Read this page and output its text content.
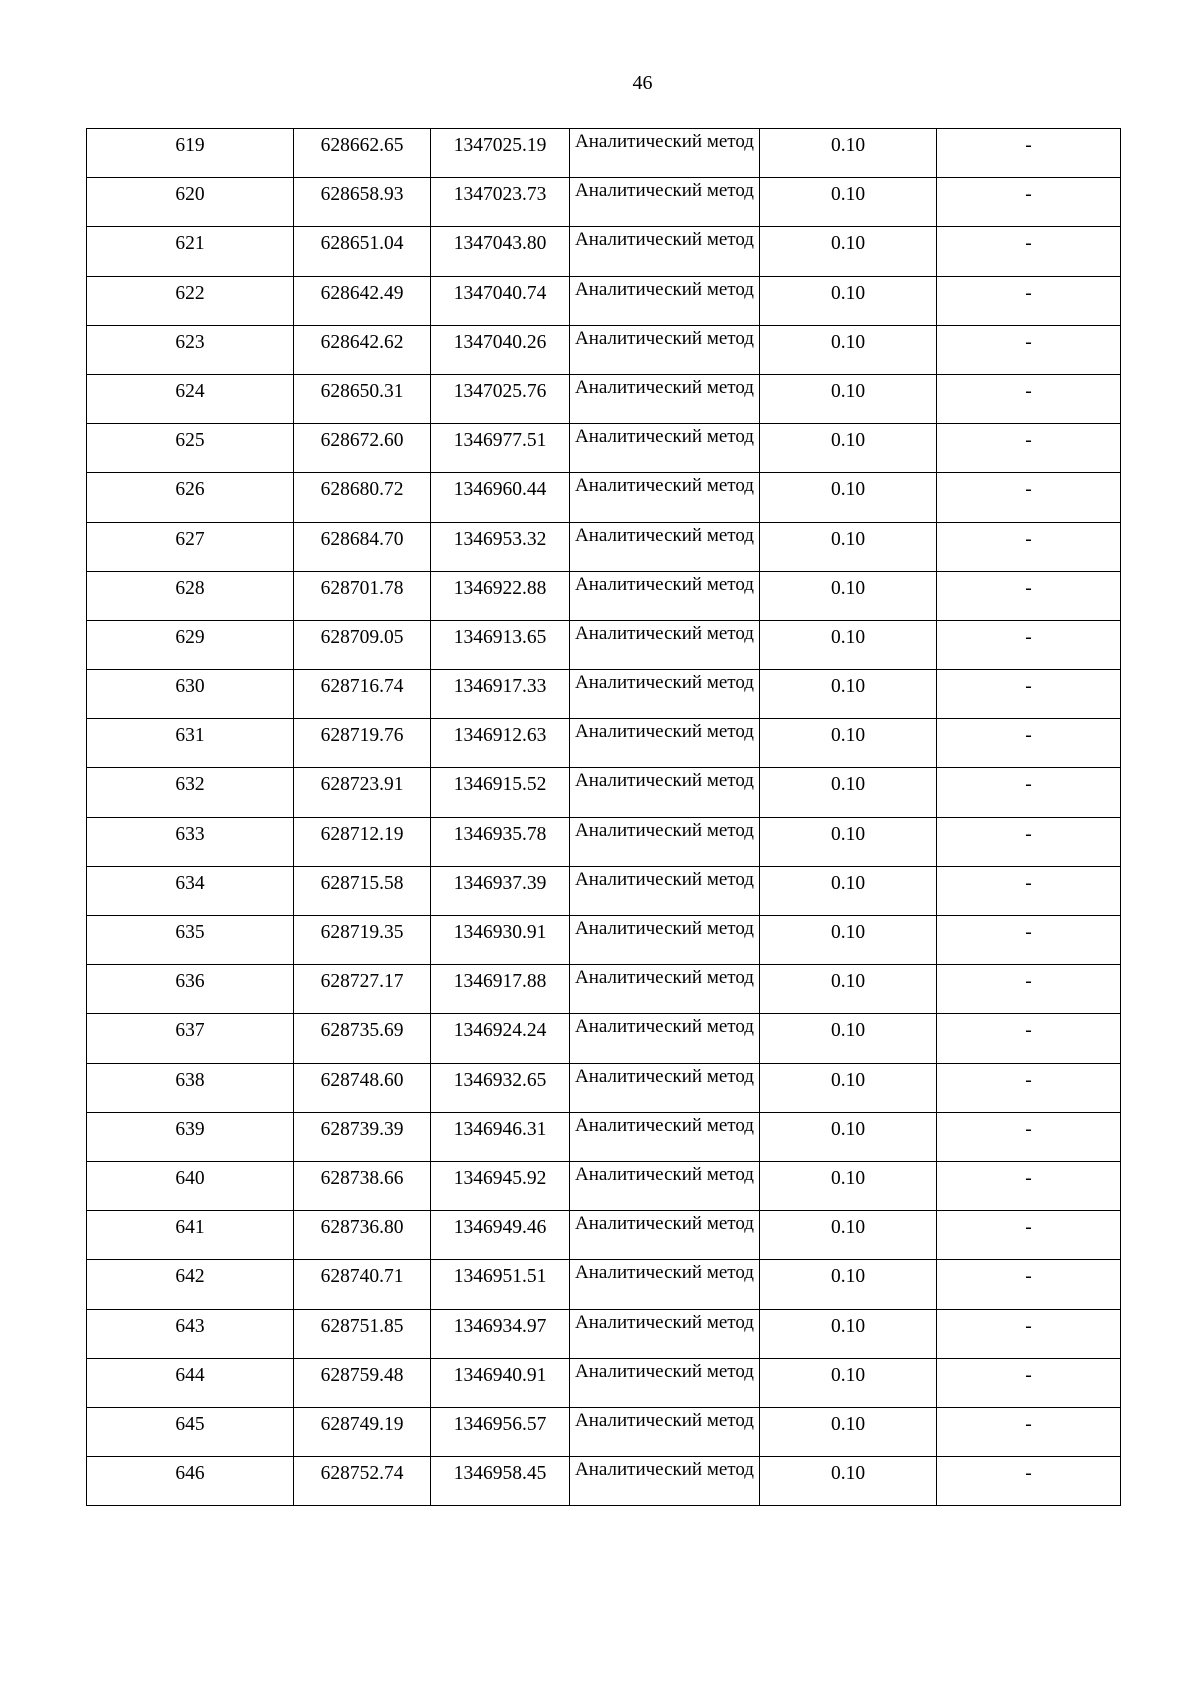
46
619	628662.65	1347025.19	Аналитический метод	0.10	-
620	628658.93	1347023.73	Аналитический метод	0.10	-
621	628651.04	1347043.80	Аналитический метод	0.10	-
622	628642.49	1347040.74	Аналитический метод	0.10	-
623	628642.62	1347040.26	Аналитический метод	0.10	-
624	628650.31	1347025.76	Аналитический метод	0.10	-
625	628672.60	1346977.51	Аналитический метод	0.10	-
626	628680.72	1346960.44	Аналитический метод	0.10	-
627	628684.70	1346953.32	Аналитический метод	0.10	-
628	628701.78	1346922.88	Аналитический метод	0.10	-
629	628709.05	1346913.65	Аналитический метод	0.10	-
630	628716.74	1346917.33	Аналитический метод	0.10	-
631	628719.76	1346912.63	Аналитический метод	0.10	-
632	628723.91	1346915.52	Аналитический метод	0.10	-
633	628712.19	1346935.78	Аналитический метод	0.10	-
634	628715.58	1346937.39	Аналитический метод	0.10	-
635	628719.35	1346930.91	Аналитический метод	0.10	-
636	628727.17	1346917.88	Аналитический метод	0.10	-
637	628735.69	1346924.24	Аналитический метод	0.10	-
638	628748.60	1346932.65	Аналитический метод	0.10	-
639	628739.39	1346946.31	Аналитический метод	0.10	-
640	628738.66	1346945.92	Аналитический метод	0.10	-
641	628736.80	1346949.46	Аналитический метод	0.10	-
642	628740.71	1346951.51	Аналитический метод	0.10	-
643	628751.85	1346934.97	Аналитический метод	0.10	-
644	628759.48	1346940.91	Аналитический метод	0.10	-
645	628749.19	1346956.57	Аналитический метод	0.10	-
646	628752.74	1346958.45	Аналитический метод	0.10	-
